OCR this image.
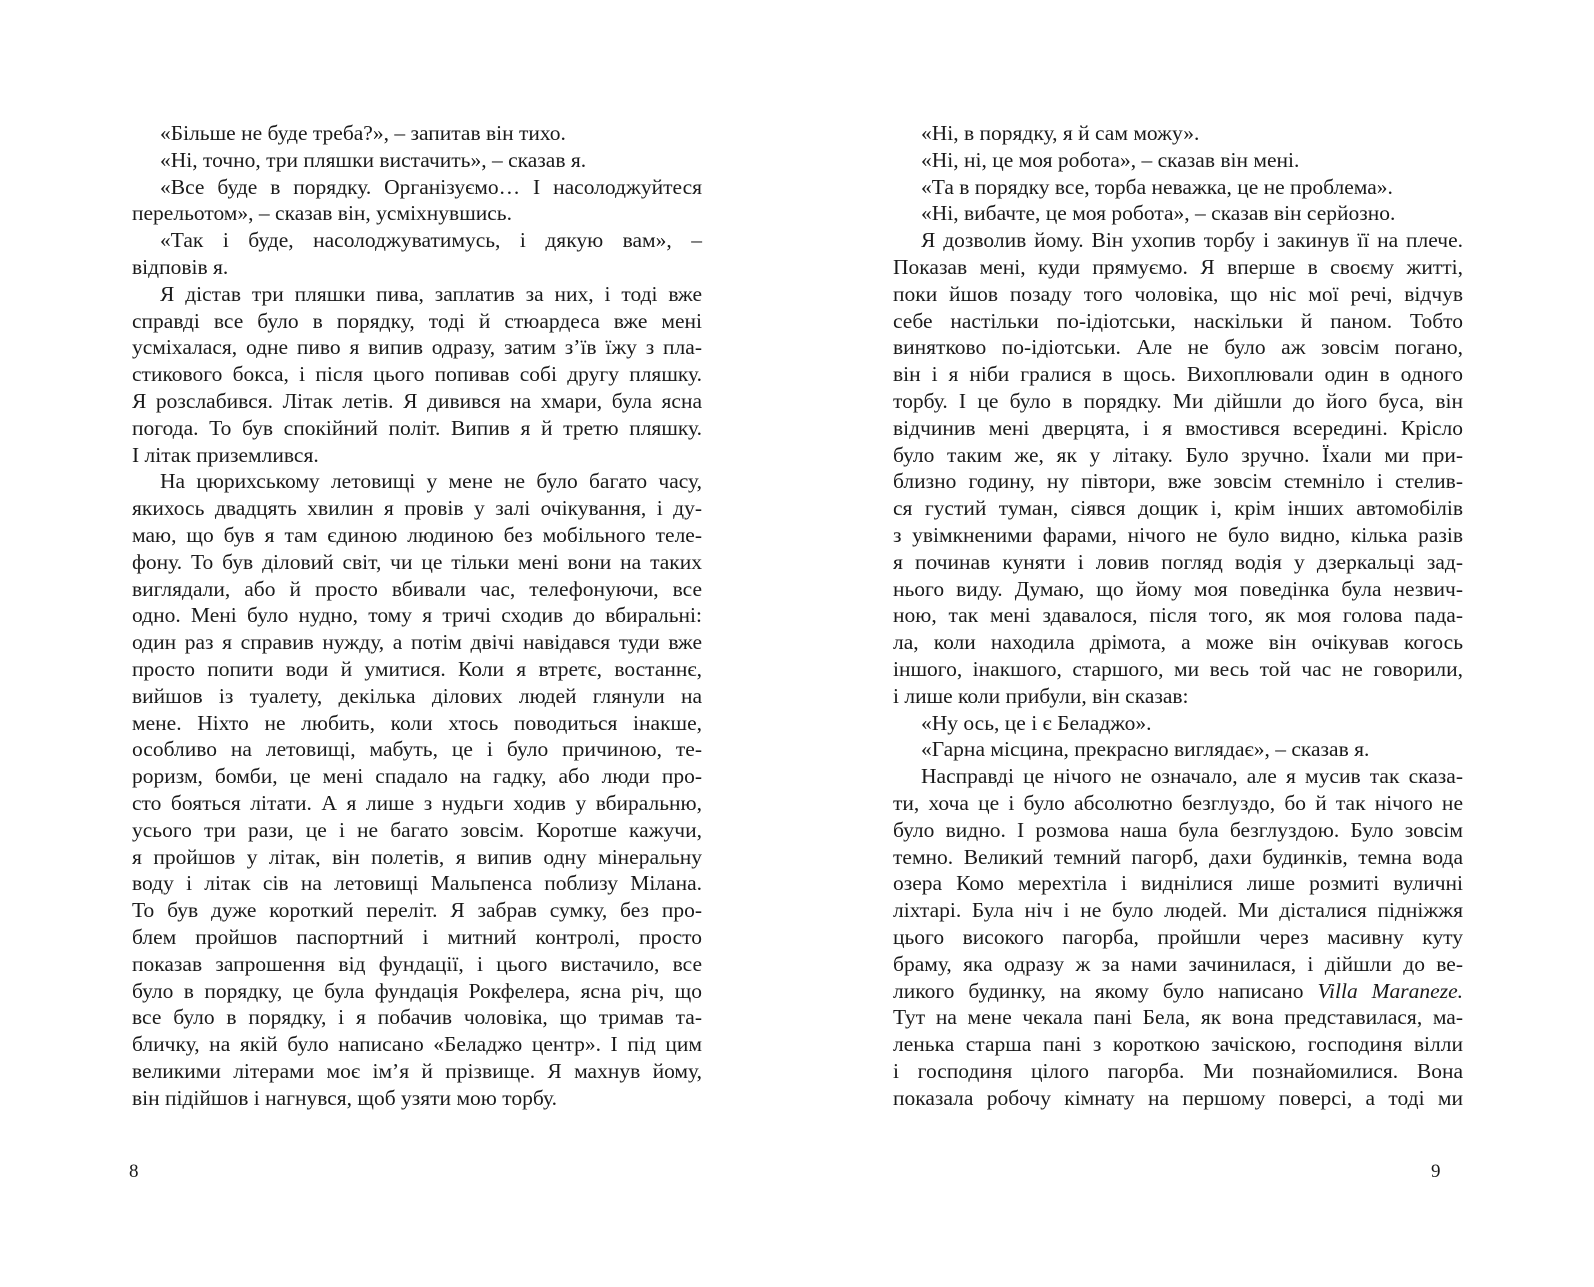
«Більше не буде треба?», – запитав він тихо.
«Ні, точно, три пляшки вистачить», – сказав я.
«Все буде в порядку. Організуємо… І насолоджуйтеся
перельотом», – сказав він, усміхнувшись.
«Так і буде, насолоджуватимусь, і дякую вам», –
відповів я.
Я дістав три пляшки пива, заплатив за них, і тоді вже
справді все було в порядку, тоді й стюардеса вже мені
усміхалася, одне пиво я випив одразу, затим з’їв їжу з пла-
стикового бокса, і після цього попивав собі другу пляшку.
Я розслабився. Літак летів. Я дивився на хмари, була ясна
погода. То був спокійний політ. Випив я й третю пляшку.
І літак приземлився.
На цюрихському летовищі у мене не було багато часу,
якихось двадцять хвилин я провів у залі очікування, і ду-
маю, що був я там єдиною людиною без мобільного теле-
фону. То був діловий світ, чи це тільки мені вони на таких
виглядали, або й просто вбивали час, телефонуючи, все
одно. Мені було нудно, тому я тричі сходив до вбиральні:
один раз я справив нужду, а потім двічі навідався туди вже
просто попити води й умитися. Коли я втретє, востаннє,
вийшов із туалету, декілька ділових людей глянули на
мене. Ніхто не любить, коли хтось поводиться інакше,
особливо на летовищі, мабуть, це і було причиною, те-
роризм, бомби, це мені спадало на гадку, або люди про-
сто бояться літати. А я лише з нудьги ходив у вбиральню,
усього три рази, це і не багато зовсім. Коротше кажучи,
я пройшов у літак, він полетів, я випив одну мінеральну
воду і літак сів на летовищі Мальпенса поблизу Мілана.
То був дуже короткий переліт. Я забрав сумку, без про-
блем пройшов паспортний і митний контролі, просто
показав запрошення від фундації, і цього вистачило, все
було в порядку, це була фундація Рокфелера, ясна річ, що
все було в порядку, і я побачив чоловіка, що тримав та-
бличку, на якій було написано «Беладжо центр». І під цим
великими літерами моє ім’я й прізвище. Я махнув йому,
він підійшов і нагнувся, щоб узяти мою торбу.
«Ні, в порядку, я й сам можу».
«Ні, ні, це моя робота», – сказав він мені.
«Та в порядку все, торба неважка, це не проблема».
«Ні, вибачте, це моя робота», – сказав він серйозно.
Я дозволив йому. Він ухопив торбу і закинув її на плече.
Показав мені, куди прямуємо. Я вперше в своєму житті,
поки йшов позаду того чоловіка, що ніс мої речі, відчув
себе настільки по-ідіотськи, наскільки й паном. Тобто
винятково по-ідіотськи. Але не було аж зовсім погано,
він і я ніби гралися в щось. Вихоплювали один в одного
торбу. І це було в порядку. Ми дійшли до його буса, він
відчинив мені дверцята, і я вмостився всередині. Крісло
було таким же, як у літаку. Було зручно. Їхали ми при-
близно годину, ну півтори, вже зовсім стемніло і стелив-
ся густий туман, сіявся дощик і, крім інших автомобілів
з увімкненими фарами, нічого не було видно, кілька разів
я починав куняти і ловив погляд водія у дзеркальці зад-
нього виду. Думаю, що йому моя поведінка була незвич-
ною, так мені здавалося, після того, як моя голова пада-
ла, коли находила дрімота, а може він очікував когось
іншого, інакшого, старшого, ми весь той час не говорили,
і лише коли прибули, він сказав:
«Ну ось, це і є Беладжо».
«Гарна місцина, прекрасно виглядає», – сказав я.
Насправді це нічого не означало, але я мусив так сказа-
ти, хоча це і було абсолютно безглуздо, бо й так нічого не
було видно. І розмова наша була безглуздою. Було зовсім
темно. Великий темний пагорб, дахи будинків, темна вода
озера Комо мерехтіла і виднілися лише розмиті вуличні
ліхтарі. Була ніч і не було людей. Ми дісталися підніжжя
цього високого пагорба, пройшли через масивну куту
браму, яка одразу ж за нами зачинилася, і дійшли до ве-
ликого будинку, на якому було написано Villa Maraneze.
Тут на мене чекала пані Бела, як вона представилася, ма-
ленька старша пані з короткою зачіскою, господиня вілли
і господиня цілого пагорба. Ми познайомилися. Вона
показала робочу кімнату на першому поверсі, а тоді ми
8	9
